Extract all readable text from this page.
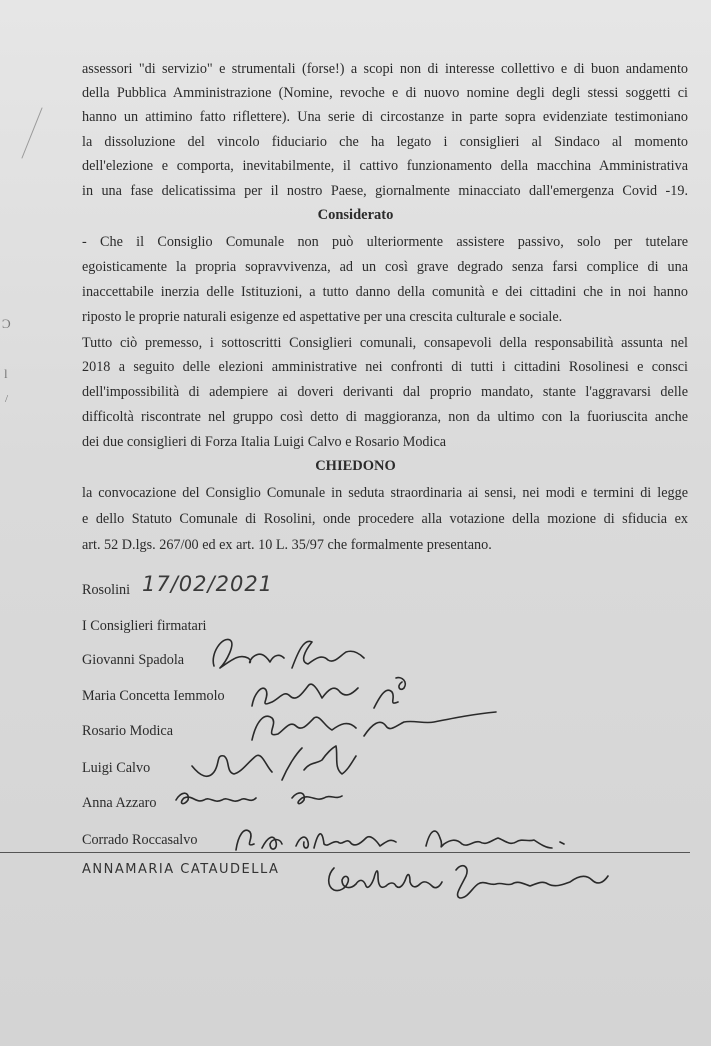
Ͻ
l
/
assessori "di servizio" e strumentali (forse!) a scopi non di interesse collettivo e di buon andamento
della Pubblica Amministrazione (Nomine, revoche e di nuovo nomine degli degli stessi soggetti ci
hanno un attimino fatto riflettere). Una serie di circostanze in parte sopra evidenziate testimoniano
la dissoluzione del vincolo fiduciario che ha legato i consiglieri al Sindaco al momento
dell'elezione e comporta, inevitabilmente, il cattivo funzionamento della macchina Amministrativa
in una fase delicatissima per il nostro Paese, giornalmente minacciato dall'emergenza Covid -19.
Considerato
- Che il Consiglio Comunale non può ulteriormente assistere passivo, solo per tutelare
egoisticamente la propria sopravvivenza, ad un così grave degrado senza farsi complice di una
inaccettabile inerzia delle Istituzioni, a tutto danno della comunità e dei cittadini che in noi hanno
riposto le proprie naturali esigenze ed aspettative per una crescita culturale e sociale.
Tutto ciò premesso, i sottoscritti Consiglieri comunali, consapevoli della responsabilità assunta nel
2018 a seguito delle elezioni amministrative nei confronti di tutti i cittadini Rosolinesi e consci
dell'impossibilità di adempiere ai doveri derivanti dal proprio mandato, stante l'aggravarsi delle
difficoltà riscontrate nel gruppo così detto di maggioranza, non da ultimo con la fuoriuscita anche
dei due consiglieri di Forza Italia Luigi Calvo e Rosario Modica
CHIEDONO
la convocazione del Consiglio Comunale in seduta straordinaria ai sensi, nei modi e termini di legge
e dello Statuto Comunale di Rosolini, onde procedere alla votazione della mozione di sfiducia ex
art. 52 D.lgs. 267/00 ed ex art. 10 L. 35/97 che formalmente presentano.
Rosolini 17/02/2021
I Consiglieri firmatari
Giovanni Spadola
Maria Concetta Iemmolo
Rosario Modica
Luigi Calvo
Anna Azzaro
Corrado Roccasalvo
ANNAMARIA CATAUDELLA
